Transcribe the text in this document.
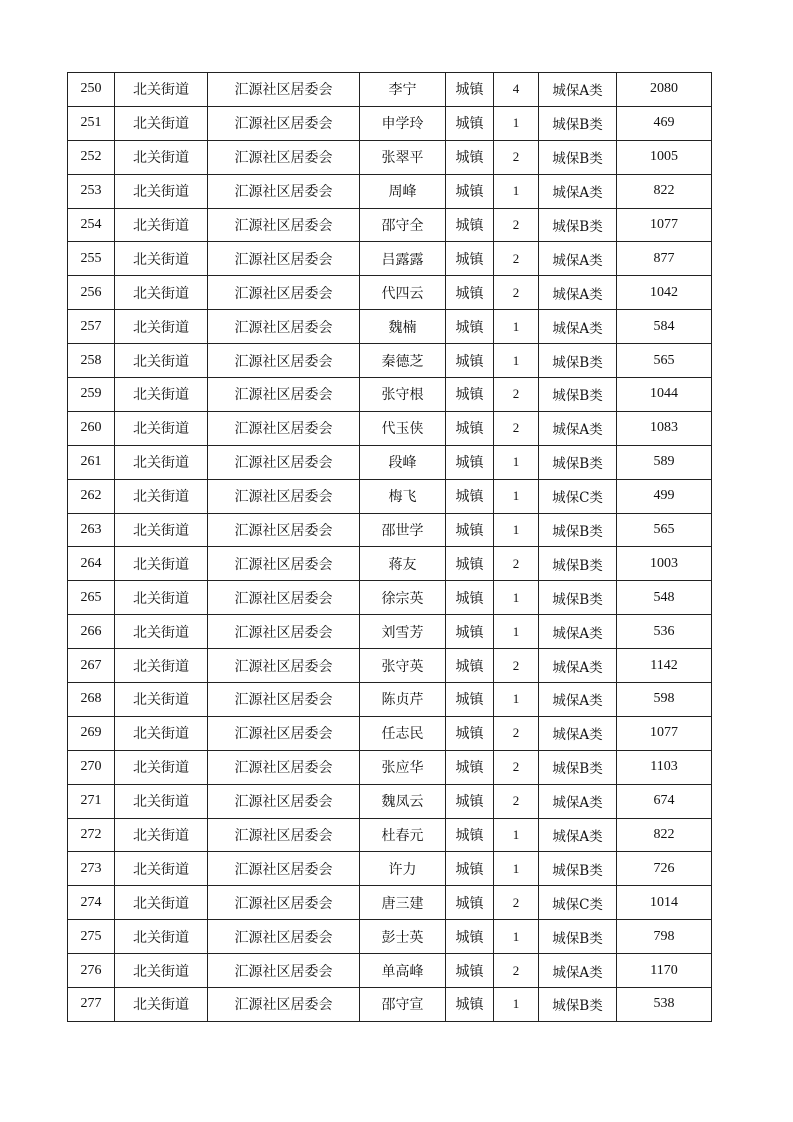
250	北关街道	汇源社区居委会	李宁	城镇	4	城保A类	2080
251	北关街道	汇源社区居委会	申学玲	城镇	1	城保B类	469
252	北关街道	汇源社区居委会	张翠平	城镇	2	城保B类	1005
253	北关街道	汇源社区居委会	周峰	城镇	1	城保A类	822
254	北关街道	汇源社区居委会	邵守全	城镇	2	城保B类	1077
255	北关街道	汇源社区居委会	吕露露	城镇	2	城保A类	877
256	北关街道	汇源社区居委会	代四云	城镇	2	城保A类	1042
257	北关街道	汇源社区居委会	魏楠	城镇	1	城保A类	584
258	北关街道	汇源社区居委会	秦德芝	城镇	1	城保B类	565
259	北关街道	汇源社区居委会	张守根	城镇	2	城保B类	1044
260	北关街道	汇源社区居委会	代玉侠	城镇	2	城保A类	1083
261	北关街道	汇源社区居委会	段峰	城镇	1	城保B类	589
262	北关街道	汇源社区居委会	梅飞	城镇	1	城保C类	499
263	北关街道	汇源社区居委会	邵世学	城镇	1	城保B类	565
264	北关街道	汇源社区居委会	蒋友	城镇	2	城保B类	1003
265	北关街道	汇源社区居委会	徐宗英	城镇	1	城保B类	548
266	北关街道	汇源社区居委会	刘雪芳	城镇	1	城保A类	536
267	北关街道	汇源社区居委会	张守英	城镇	2	城保A类	1142
268	北关街道	汇源社区居委会	陈贞芹	城镇	1	城保A类	598
269	北关街道	汇源社区居委会	任志民	城镇	2	城保A类	1077
270	北关街道	汇源社区居委会	张应华	城镇	2	城保B类	1103
271	北关街道	汇源社区居委会	魏凤云	城镇	2	城保A类	674
272	北关街道	汇源社区居委会	杜春元	城镇	1	城保A类	822
273	北关街道	汇源社区居委会	许力	城镇	1	城保B类	726
274	北关街道	汇源社区居委会	唐三建	城镇	2	城保C类	1014
275	北关街道	汇源社区居委会	彭士英	城镇	1	城保B类	798
276	北关街道	汇源社区居委会	单高峰	城镇	2	城保A类	1170
277	北关街道	汇源社区居委会	邵守宣	城镇	1	城保B类	538
